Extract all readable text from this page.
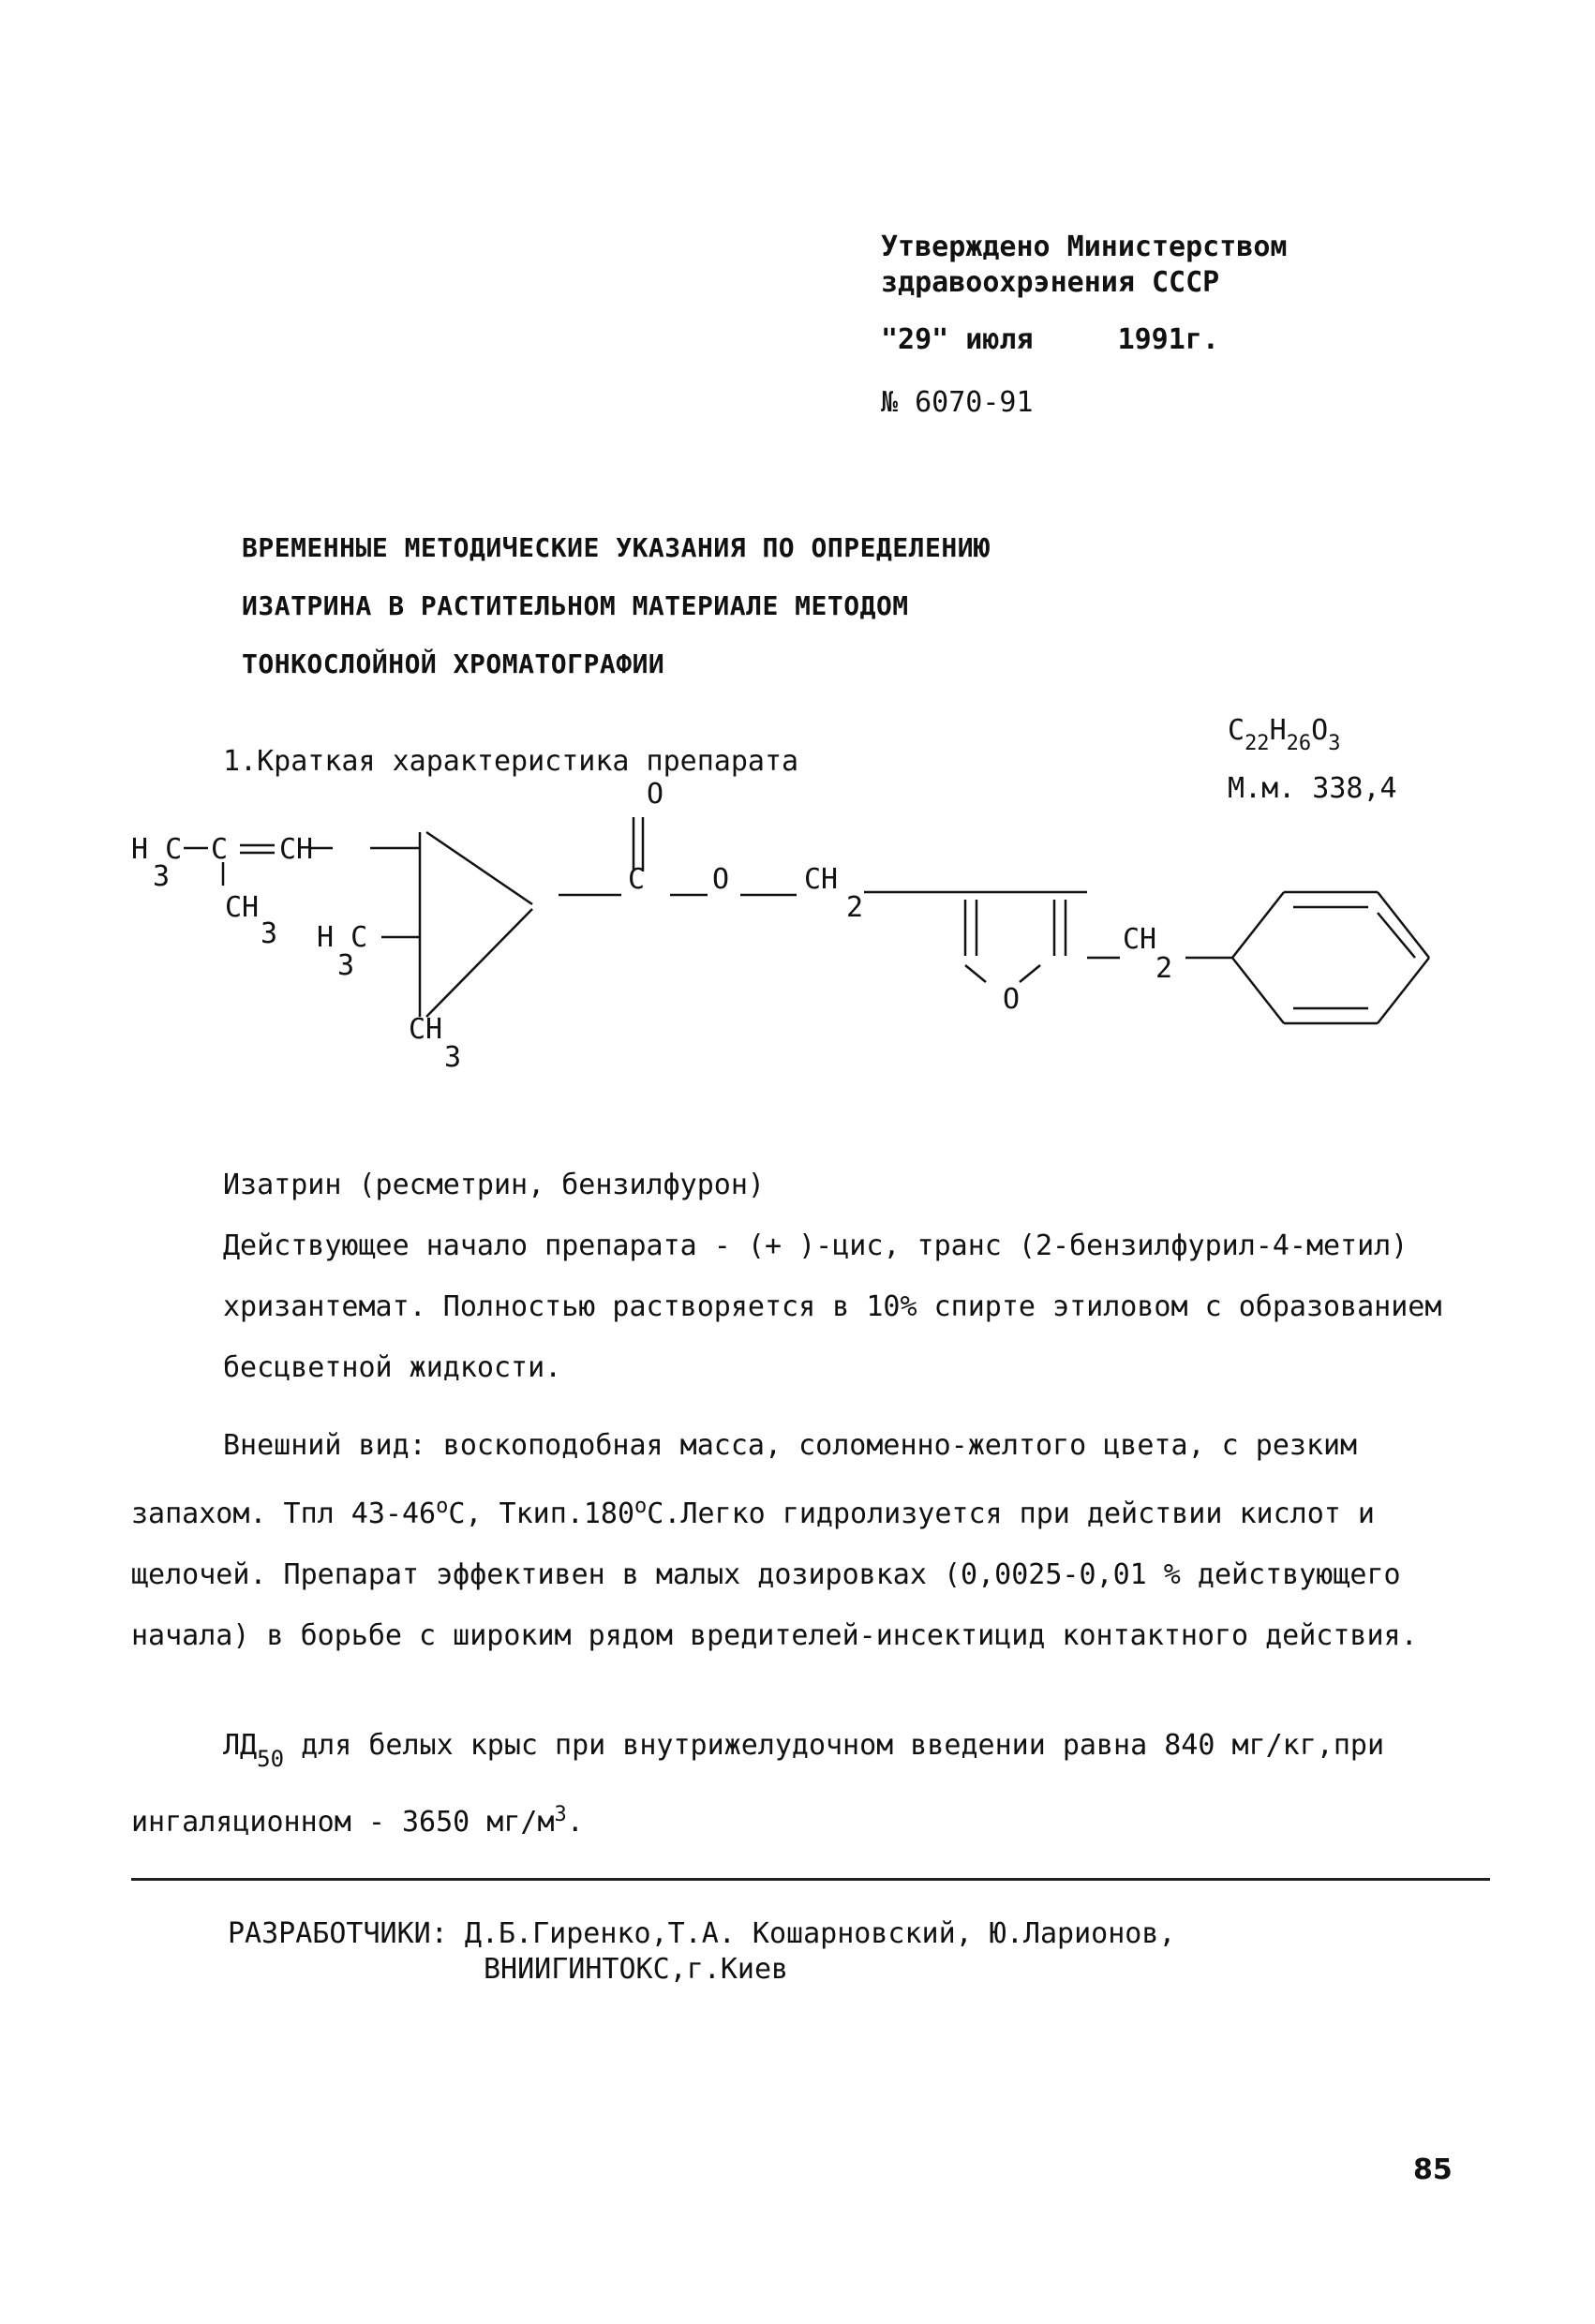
Утверждено Министерством
здравоохрэнения СССР
"29" июля	1991г.
№ 6070-91
ВРЕМЕННЫЕ МЕТОДИЧЕСКИЕ УКАЗАНИЯ ПО ОПРЕДЕЛЕНИЮ
ИЗАТРИНА В РАСТИТЕЛЬНОМ МАТЕРИАЛЕ МЕТОДОМ
ТОНКОСЛОЙНОЙ ХРОМАТОГРАФИИ
1.Краткая характеристика препарата
$C_{22}H_{26}O_3$
М.м. 338,4
H C
3
C CH
CH
3 H C
3
CH
3
O
C O	CH
2
O
CH
2

Изатрин (ресметрин, бензилфурон)

Действующее начало препарата - (+ )-цис, транс (2-бензилфурил-4-метил) хризантемат. Полностью растворяется в 10% спирте этиловом с образованием бесцветной жидкости.

Внешний вид: воскоподобная масса, соломенно-желтого цвета, с резким запахом. Тпл $43-46^оС$, $Ткип.180^оС.Легко$ гидролизуется при действии кислот и щелочей. Препарат эффективен в малых дозировках (0,0025-0,01 % действующего начала) в борьбе с широким рядом вредителей-инсектицид контактного действия.

$ЛД_{50}$ для белых крыс при внутрижелудочном введении равна 840 мг/кг,при ингаляционном - 3650 $мг/м^3$.

РАЗРАБОТЧИКИ: Д.Б.Гиренко,Т.А. Кошарновский, Ю.Ларионов,
ВНИИГИНТОКС,г.Киев
85
